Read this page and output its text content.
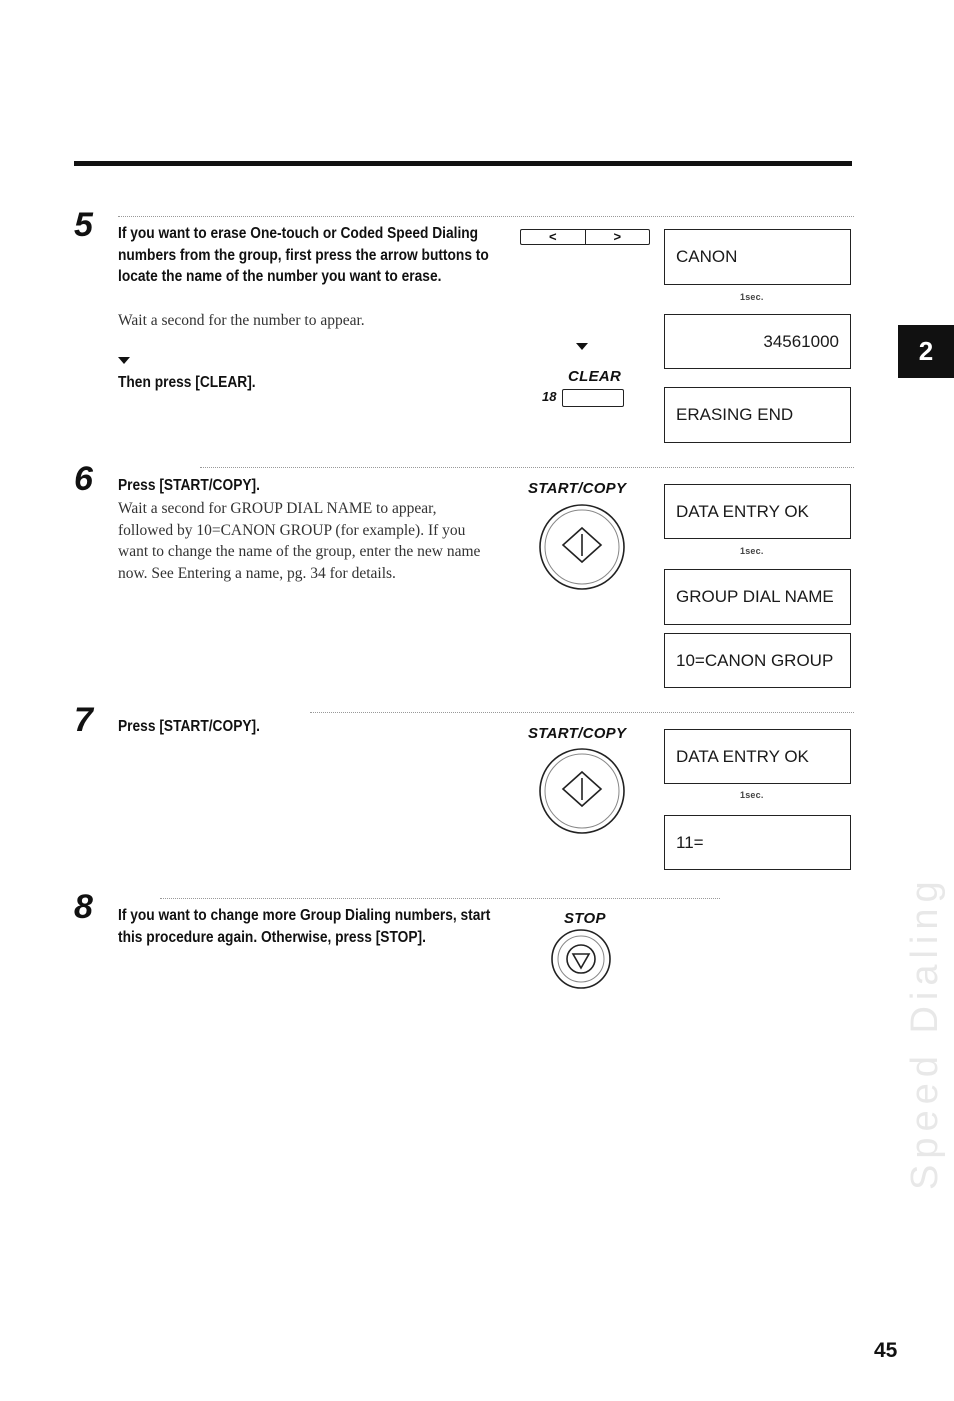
5 If you want to erase One-touch or Coded Speed Dialing numbers from the group, first press the arrow buttons to locate the name of the number you want to erase.
Wait a second for the number to appear.
Then press [CLEAR].
<	>
CLEAR
18
CANON
1sec.
34561000
ERASING END
6 Press [START/COPY].
Wait a second for GROUP DIAL NAME to appear, followed by 10=CANON GROUP (for example). If you want to change the name of the group, enter the new name now. See Entering a name, pg. 34 for details.
START/COPY
DATA ENTRY OK
1sec.
GROUP DIAL NAME
10=CANON GROUP
7 Press [START/COPY].	START/COPY
DATA ENTRY OK
1sec.
11=
8 If you want to change more Group Dialing numbers, start this procedure again. Otherwise, press [STOP].
STOP
2
Speed Dialing
45
